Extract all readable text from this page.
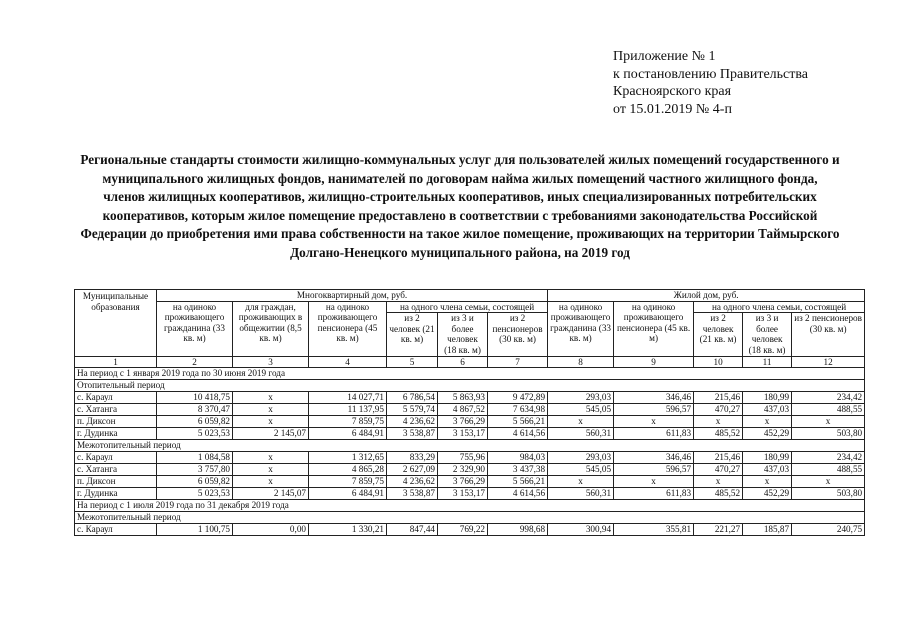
Приложение № 1
к постановлению Правительства
Красноярского края
от 15.01.2019 № 4-п
Региональные стандарты стоимости жилищно-коммунальных услуг для пользователей жилых помещений государственного и муниципального жилищных фондов, нанимателей по договорам найма жилых помещений частного жилищного фонда, членов жилищных кооперативов, жилищно-строительных кооперативов, иных специализированных потребительских кооперативов, которым жилое помещение предоставлено в соответствии с требованиями законодательства Российской Федерации до приобретения ими права собственности на такое жилое помещение, проживающих на территории Таймырского Долгано-Ненецкого муниципального района, на 2019 год
Муниципальные образования	Многоквартирный дом, руб.						Жилой дом, руб.				
	на одиноко проживающего гражданина (33 кв. м)	для граждан, проживающих в общежитии (8,5 кв. м)	на одиноко проживающего пенсионера (45 кв. м)	на одного члена семьи, состоящей			на одиноко проживающего гражданина (33 кв. м)	на одиноко проживающего пенсионера (45 кв. м)	на одного члена семьи, состоящей		
				из 2 человек (21 кв. м)	из 3 и более человек (18 кв. м)	из 2 пенсионеров (30 кв. м)			из 2 человек (21 кв. м)	из 3 и более человек (18 кв. м)	из 2 пенсионеров (30 кв. м)
1	2	3	4	5	6	7	8	9	10	11	12
На период с 1 января 2019 года по 30 июня 2019 года											
Отопительный период											
с. Караул	10 418,75	x	14 027,71	6 786,54	5 863,93	9 472,89	293,03	346,46	215,46	180,99	234,42
с. Хатанга	8 370,47	x	11 137,95	5 579,74	4 867,52	7 634,98	545,05	596,57	470,27	437,03	488,55
п. Диксон	6 059,82	x	7 859,75	4 236,62	3 766,29	5 566,21	x	x	x	x	x
г. Дудинка	5 023,53	2 145,07	6 484,91	3 538,87	3 153,17	4 614,56	560,31	611,83	485,52	452,29	503,80
Межотопительный период											
с. Караул	1 084,58	x	1 312,65	833,29	755,96	984,03	293,03	346,46	215,46	180,99	234,42
с. Хатанга	3 757,80	x	4 865,28	2 627,09	2 329,90	3 437,38	545,05	596,57	470,27	437,03	488,55
п. Диксон	6 059,82	x	7 859,75	4 236,62	3 766,29	5 566,21	x	x	x	x	x
г. Дудинка	5 023,53	2 145,07	6 484,91	3 538,87	3 153,17	4 614,56	560,31	611,83	485,52	452,29	503,80
На период с 1 июля 2019 года по 31 декабря 2019 года											
Межотопительный период											
с. Караул	1 100,75	0,00	1 330,21	847,44	769,22	998,68	300,94	355,81	221,27	185,87	240,75
